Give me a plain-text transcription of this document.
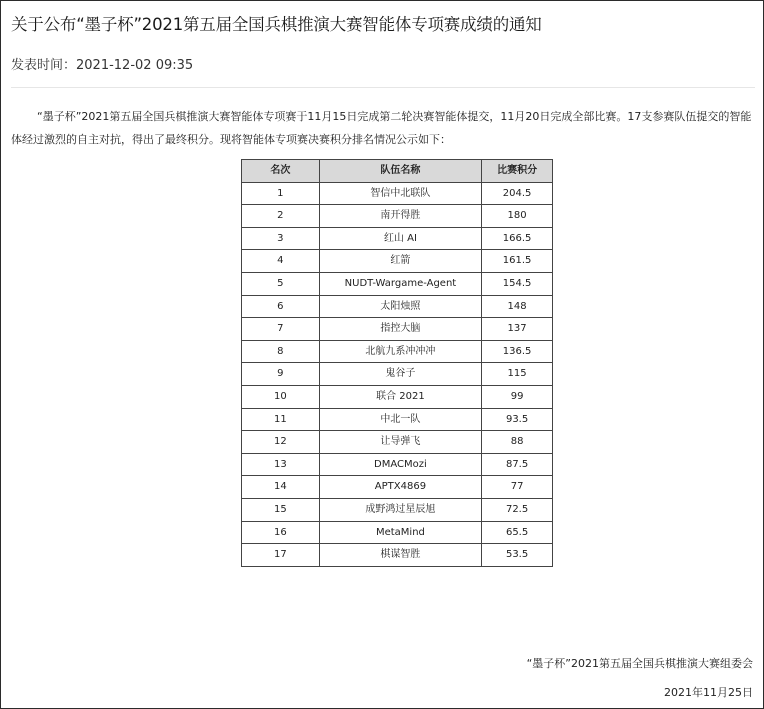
关于公布“墨子杯”2021第五届全国兵棋推演大赛智能体专项赛成绩的通知
发表时间：2021-12-02 09:35
“墨子杯”2021第五届全国兵棋推演大赛智能体专项赛于11月15日完成第二轮决赛智能体提交，11月20日完成全部比赛。17支参赛队伍提交的智能体经过激烈的自主对抗，得出了最终积分。现将智能体专项赛决赛积分排名情况公示如下：
名次	队伍名称	比赛积分
1	智信中北联队	204.5
2	南开得胜	180
3	红山 AI	166.5
4	红箭	161.5
5	NUDT-Wargame-Agent	154.5
6	太阳烛照	148
7	指控大脑	137
8	北航九系冲冲冲	136.5
9	鬼谷子	115
10	联合 2021	99
11	中北一队	93.5
12	让导弹飞	88
13	DMACMozi	87.5
14	APTX4869	77
15	成野鸿过星辰旭	72.5
16	MetaMind	65.5
17	棋谋智胜	53.5
“墨子杯”2021第五届全国兵棋推演大赛组委会
2021年11月25日
